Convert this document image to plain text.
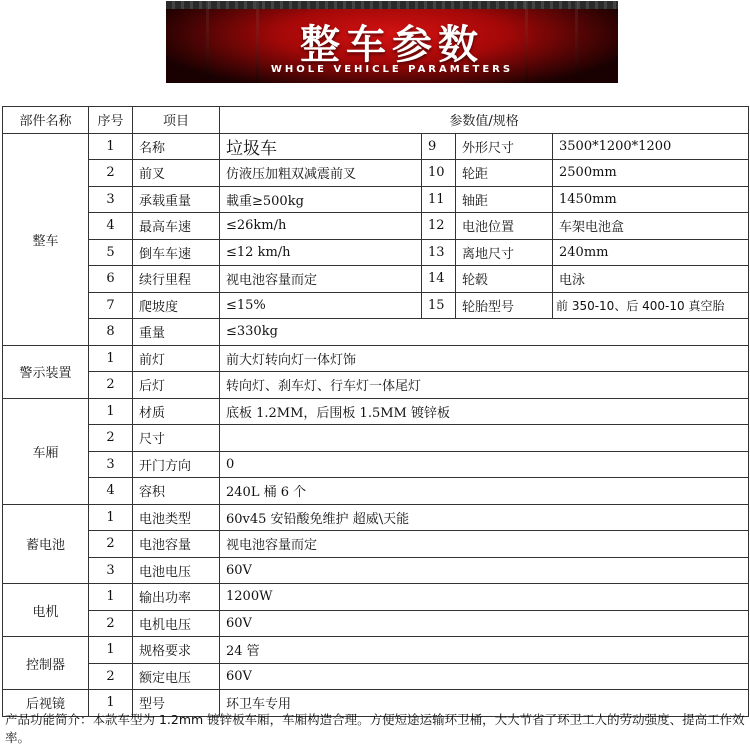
整车参数
WHOLE VEHICLE PARAMETERS
部件名称	序号	项目	参数值/规格			
整车	1	名称	垃圾车	9	外形尺寸	3500*1200*1200
	2	前叉	仿液压加粗双减震前叉	10	轮距	2500mm
	3	承载重量	載重≥500kg	11	轴距	1450mm
	4	最高车速	≤26km/h	12	电池位置	车架电池盒
	5	倒车车速	≤12 km/h	13	离地尺寸	240mm
	6	续行里程	视电池容量而定	14	轮毂	电泳
	7	爬坡度	≤15%	15	轮胎型号	前 350-10、后 400-10 真空胎
	8	重量	≤330kg			
警示装置	1	前灯	前大灯转向灯一体灯饰			
	2	后灯	转向灯、刹车灯、行车灯一体尾灯			
车厢	1	材质	底板 1.2MM，后围板 1.5MM 镀锌板			
	2	尺寸				
	3	开门方向	0			
	4	容积	240L 桶 6 个			
蓄电池	1	电池类型	60v45 安铅酸免维护 超威\天能			
	2	电池容量	视电池容量而定			
	3	电池电压	60V			
电机	1	输出功率	1200W			
	2	电机电压	60V			
控制器	1	规格要求	24 管			
	2	额定电压	60V			
后视镜	1	型号	环卫车专用			
产品功能简介：本款车型为 1.2mm 镀锌板车厢，车厢构造合理。方便短途运输环卫桶，大大节省了环卫工人的劳动强度、提高工作效率。
